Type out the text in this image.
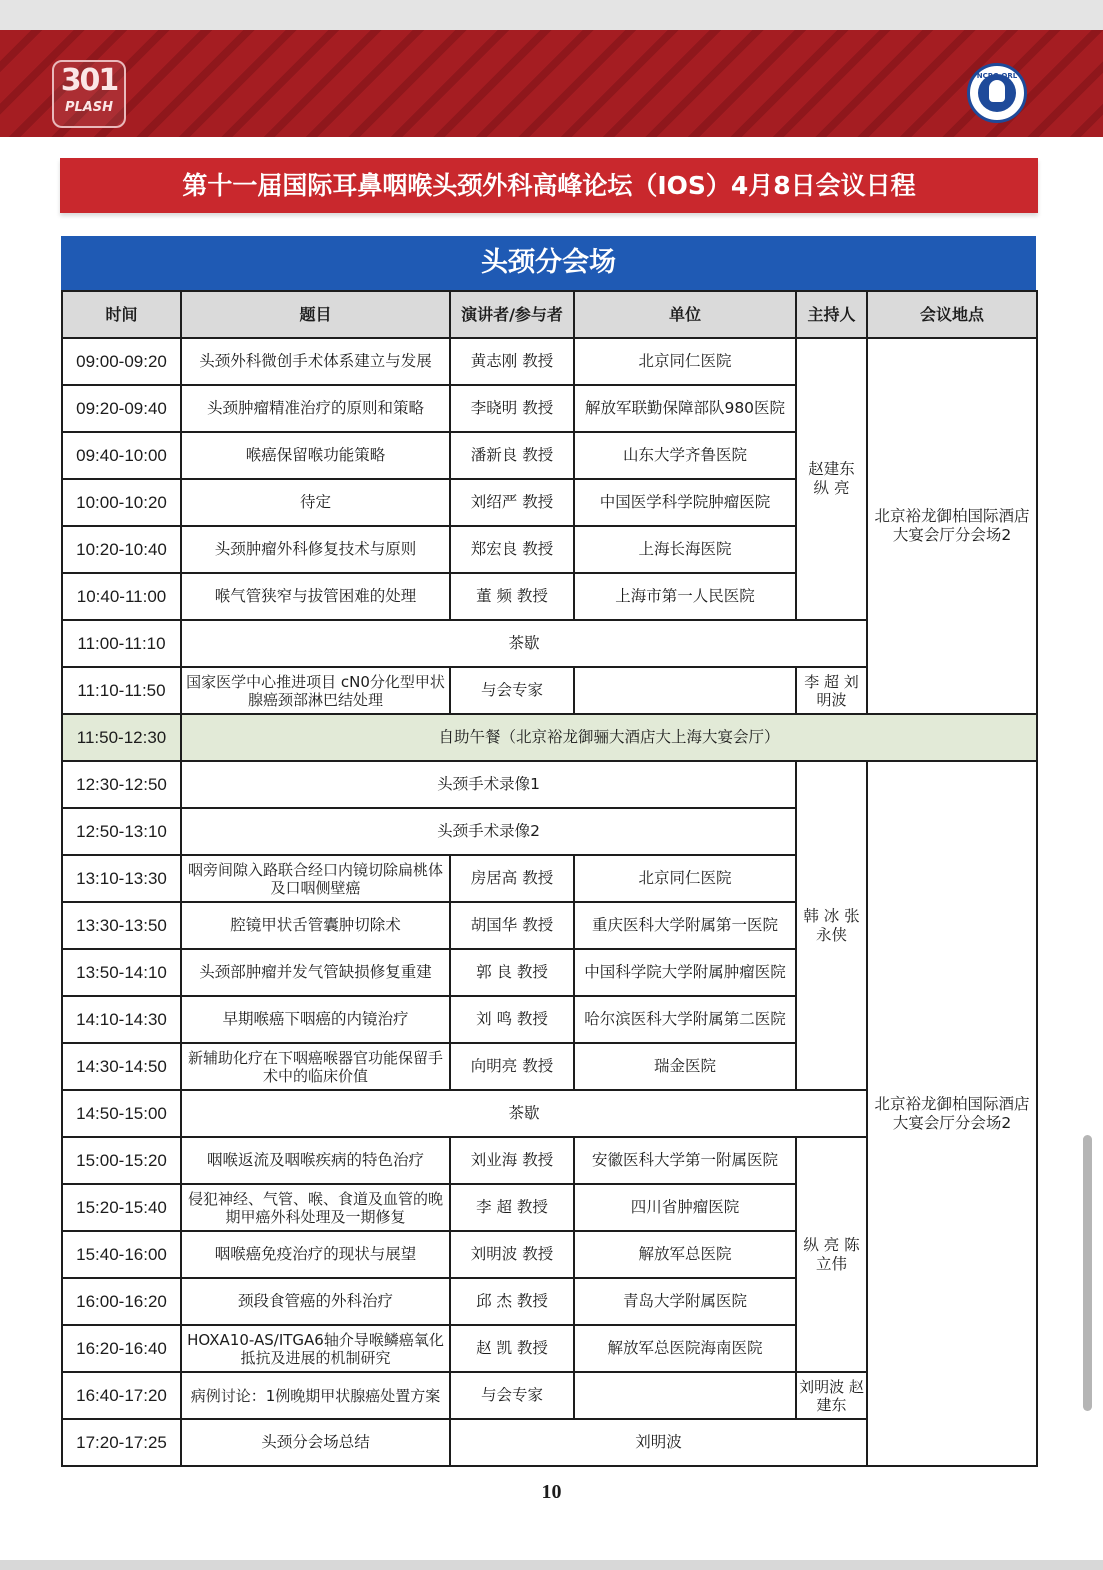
301
PLASH
NCRC-ORL
第十一届国际耳鼻咽喉头颈外科高峰论坛（IOS）4月8日会议日程
头颈分会场
时间	题目	演讲者/参与者	单位	主持人	会议地点
09:00-09:20	头颈外科微创手术体系建立与发展	黄志刚 教授	北京同仁医院	赵建东 纵 亮	北京裕龙御柏国际酒店大宴会厅分会场2
09:20-09:40	头颈肿瘤精准治疗的原则和策略	李晓明 教授	解放军联勤保障部队980医院		
09:40-10:00	喉癌保留喉功能策略	潘新良 教授	山东大学齐鲁医院		
10:00-10:20	待定	刘绍严 教授	中国医学科学院肿瘤医院		
10:20-10:40	头颈肿瘤外科修复技术与原则	郑宏良 教授	上海长海医院		
10:40-11:00	喉气管狭窄与拔管困难的处理	董 频 教授	上海市第一人民医院		
11:00-11:10	茶歇				
11:10-11:50	国家医学中心推进项目 cN0分化型甲状腺癌颈部淋巴结处理	与会专家		李 超 刘明波	
11:50-12:30	自助午餐（北京裕龙御骊大酒店大上海大宴会厅）				
12:30-12:50	头颈手术录像1			韩 冰 张永侠	北京裕龙御柏国际酒店大宴会厅分会场2
12:50-13:10	头颈手术录像2				
13:10-13:30	咽旁间隙入路联合经口内镜切除扁桃体及口咽侧壁癌	房居高 教授	北京同仁医院		
13:30-13:50	腔镜甲状舌管囊肿切除术	胡国华 教授	重庆医科大学附属第一医院		
13:50-14:10	头颈部肿瘤并发气管缺损修复重建	郭 良 教授	中国科学院大学附属肿瘤医院		
14:10-14:30	早期喉癌下咽癌的内镜治疗	刘 鸣 教授	哈尔滨医科大学附属第二医院		
14:30-14:50	新辅助化疗在下咽癌喉器官功能保留手术中的临床价值	向明亮 教授	瑞金医院		
14:50-15:00	茶歇				
15:00-15:20	咽喉返流及咽喉疾病的特色治疗	刘业海 教授	安徽医科大学第一附属医院	纵 亮 陈立伟	
15:20-15:40	侵犯神经、气管、喉、食道及血管的晚期甲癌外科处理及一期修复	李 超 教授	四川省肿瘤医院		
15:40-16:00	咽喉癌免疫治疗的现状与展望	刘明波 教授	解放军总医院		
16:00-16:20	颈段食管癌的外科治疗	邱 杰 教授	青岛大学附属医院		
16:20-16:40	HOXA10-AS/ITGA6轴介导喉鳞癌氧化抵抗及进展的机制研究	赵 凯 教授	解放军总医院海南医院		
16:40-17:20	病例讨论：1例晚期甲状腺癌处置方案	与会专家		刘明波 赵建东	
17:20-17:25	头颈分会场总结	刘明波			
10
